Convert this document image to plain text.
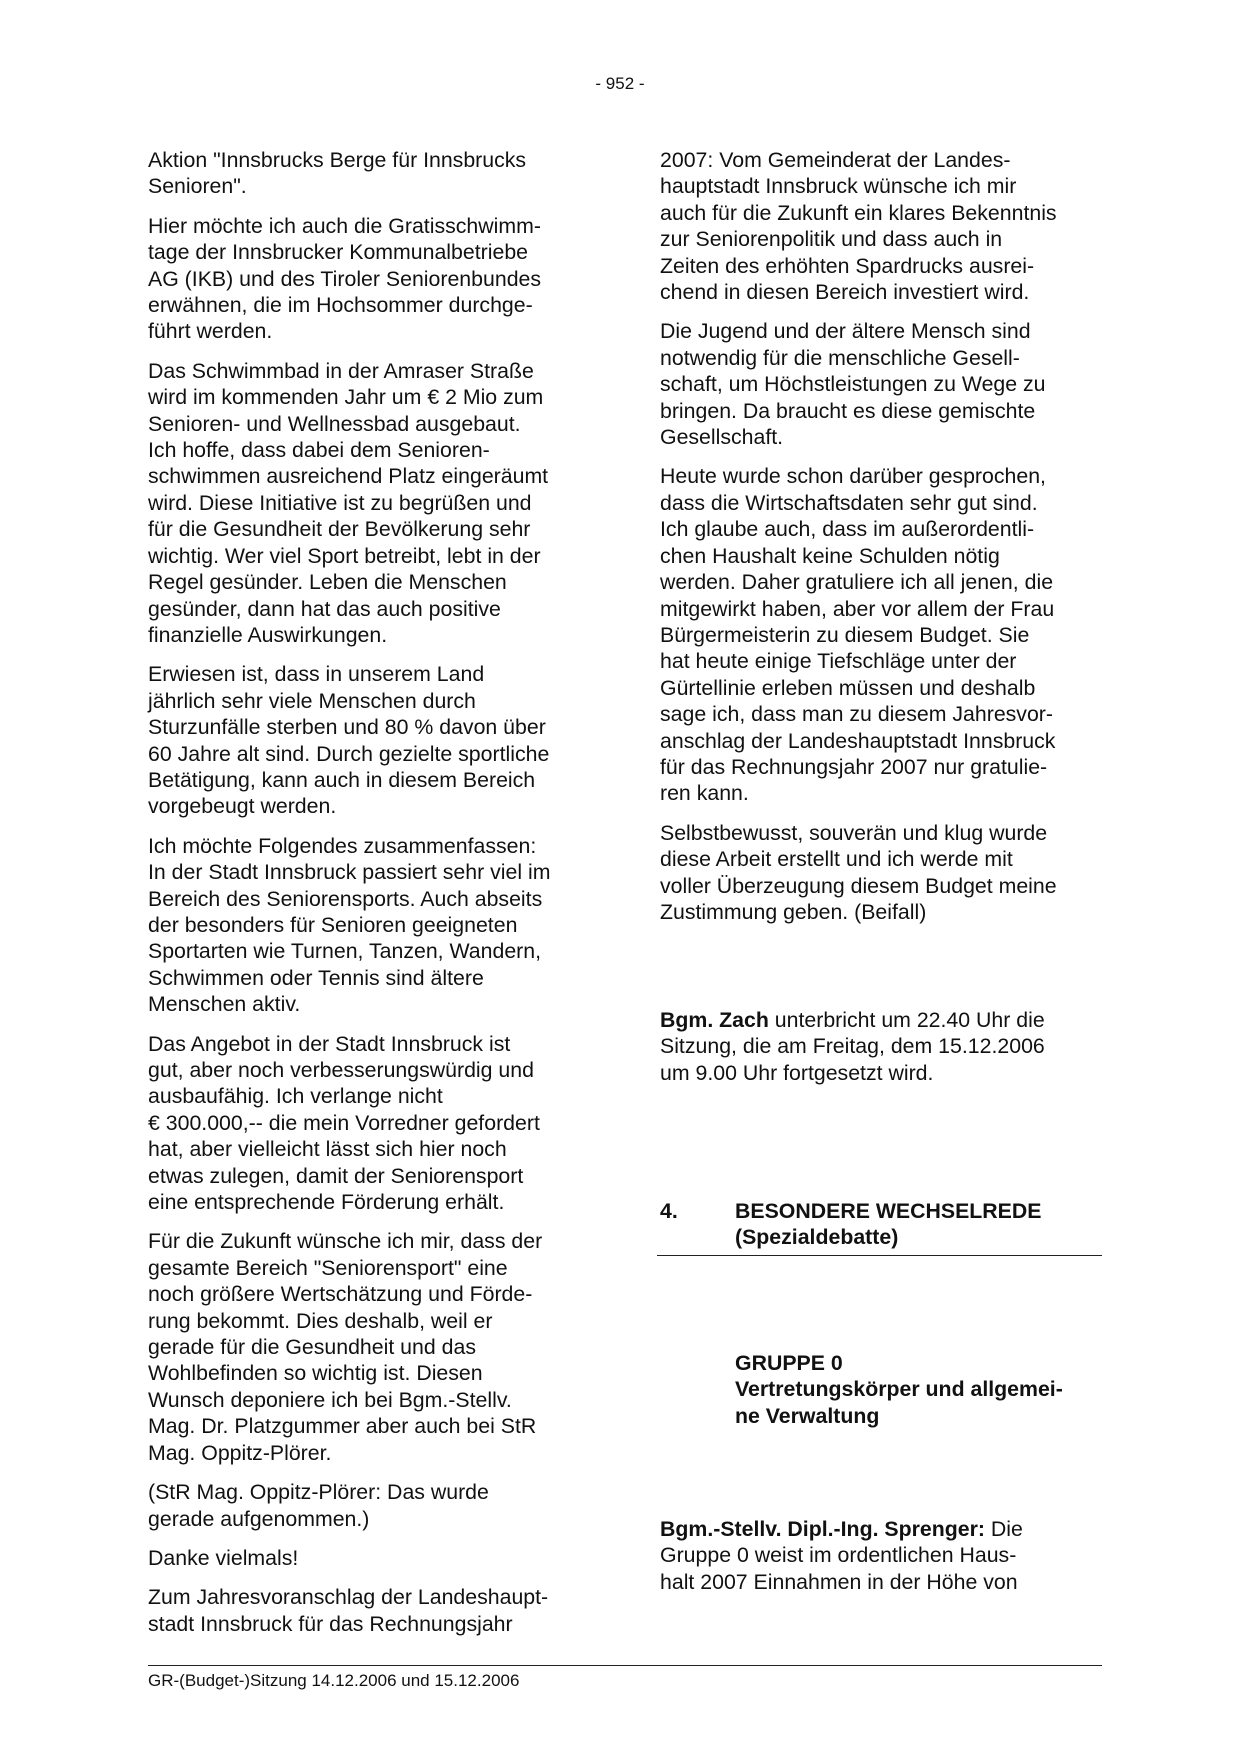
- 952 -

Aktion "Innsbrucks Berge für Innsbrucks
Senioren".

Hier möchte ich auch die Gratisschwimm-
tage der Innsbrucker Kommunalbetriebe
AG (IKB) und des Tiroler Seniorenbundes
erwähnen, die im Hochsommer durchge-
führt werden.

Das Schwimmbad in der Amraser Straße
wird im kommenden Jahr um € 2 Mio zum
Senioren- und Wellnessbad ausgebaut.
Ich hoffe, dass dabei dem Senioren-
schwimmen ausreichend Platz eingeräumt
wird. Diese Initiative ist zu begrüßen und
für die Gesundheit der Bevölkerung sehr
wichtig. Wer viel Sport betreibt, lebt in der
Regel gesünder. Leben die Menschen
gesünder, dann hat das auch positive
finanzielle Auswirkungen.

Erwiesen ist, dass in unserem Land
jährlich sehr viele Menschen durch
Sturzunfälle sterben und 80 % davon über
60 Jahre alt sind. Durch gezielte sportliche
Betätigung, kann auch in diesem Bereich
vorgebeugt werden.

Ich möchte Folgendes zusammenfassen:
In der Stadt Innsbruck passiert sehr viel im
Bereich des Seniorensports. Auch abseits
der besonders für Senioren geeigneten
Sportarten wie Turnen, Tanzen, Wandern,
Schwimmen oder Tennis sind ältere
Menschen aktiv.

Das Angebot in der Stadt Innsbruck ist
gut, aber noch verbesserungswürdig und
ausbaufähig. Ich verlange nicht
€ 300.000,-- die mein Vorredner gefordert
hat, aber vielleicht lässt sich hier noch
etwas zulegen, damit der Seniorensport
eine entsprechende Förderung erhält.

Für die Zukunft wünsche ich mir, dass der
gesamte Bereich "Seniorensport" eine
noch größere Wertschätzung und Förde-
rung bekommt. Dies deshalb, weil er
gerade für die Gesundheit und das
Wohlbefinden so wichtig ist. Diesen
Wunsch deponiere ich bei Bgm.-Stellv.
Mag. Dr. Platzgummer aber auch bei StR
Mag. Oppitz-Plörer.

(StR Mag. Oppitz-Plörer: Das wurde
gerade aufgenommen.)

Danke vielmals!

Zum Jahresvoranschlag der Landeshaupt-
stadt Innsbruck für das Rechnungsjahr

2007: Vom Gemeinderat der Landes-
hauptstadt Innsbruck wünsche ich mir
auch für die Zukunft ein klares Bekenntnis
zur Seniorenpolitik und dass auch in
Zeiten des erhöhten Spardrucks ausrei-
chend in diesen Bereich investiert wird.

Die Jugend und der ältere Mensch sind
notwendig für die menschliche Gesell-
schaft, um Höchstleistungen zu Wege zu
bringen. Da braucht es diese gemischte
Gesellschaft.

Heute wurde schon darüber gesprochen,
dass die Wirtschaftsdaten sehr gut sind.
Ich glaube auch, dass im außerordentli-
chen Haushalt keine Schulden nötig
werden. Daher gratuliere ich all jenen, die
mitgewirkt haben, aber vor allem der Frau
Bürgermeisterin zu diesem Budget. Sie
hat heute einige Tiefschläge unter der
Gürtellinie erleben müssen und deshalb
sage ich, dass man zu diesem Jahresvor-
anschlag der Landeshauptstadt Innsbruck
für das Rechnungsjahr 2007 nur gratulie-
ren kann.

Selbstbewusst, souverän und klug wurde
diese Arbeit erstellt und ich werde mit
voller Überzeugung diesem Budget meine
Zustimmung geben. (Beifall)

Bgm. Zach unterbricht um 22.40 Uhr die
Sitzung, die am Freitag, dem 15.12.2006
um 9.00 Uhr fortgesetzt wird.
4.	BESONDERE WECHSELREDE
(Spezialdebatte)
GRUPPE 0
Vertretungskörper und allgemei-
ne Verwaltung
Bgm.-Stellv. Dipl.-Ing. Sprenger: Die
Gruppe 0 weist im ordentlichen Haus-
halt 2007 Einnahmen in der Höhe von
GR-(Budget-)Sitzung 14.12.2006 und 15.12.2006
